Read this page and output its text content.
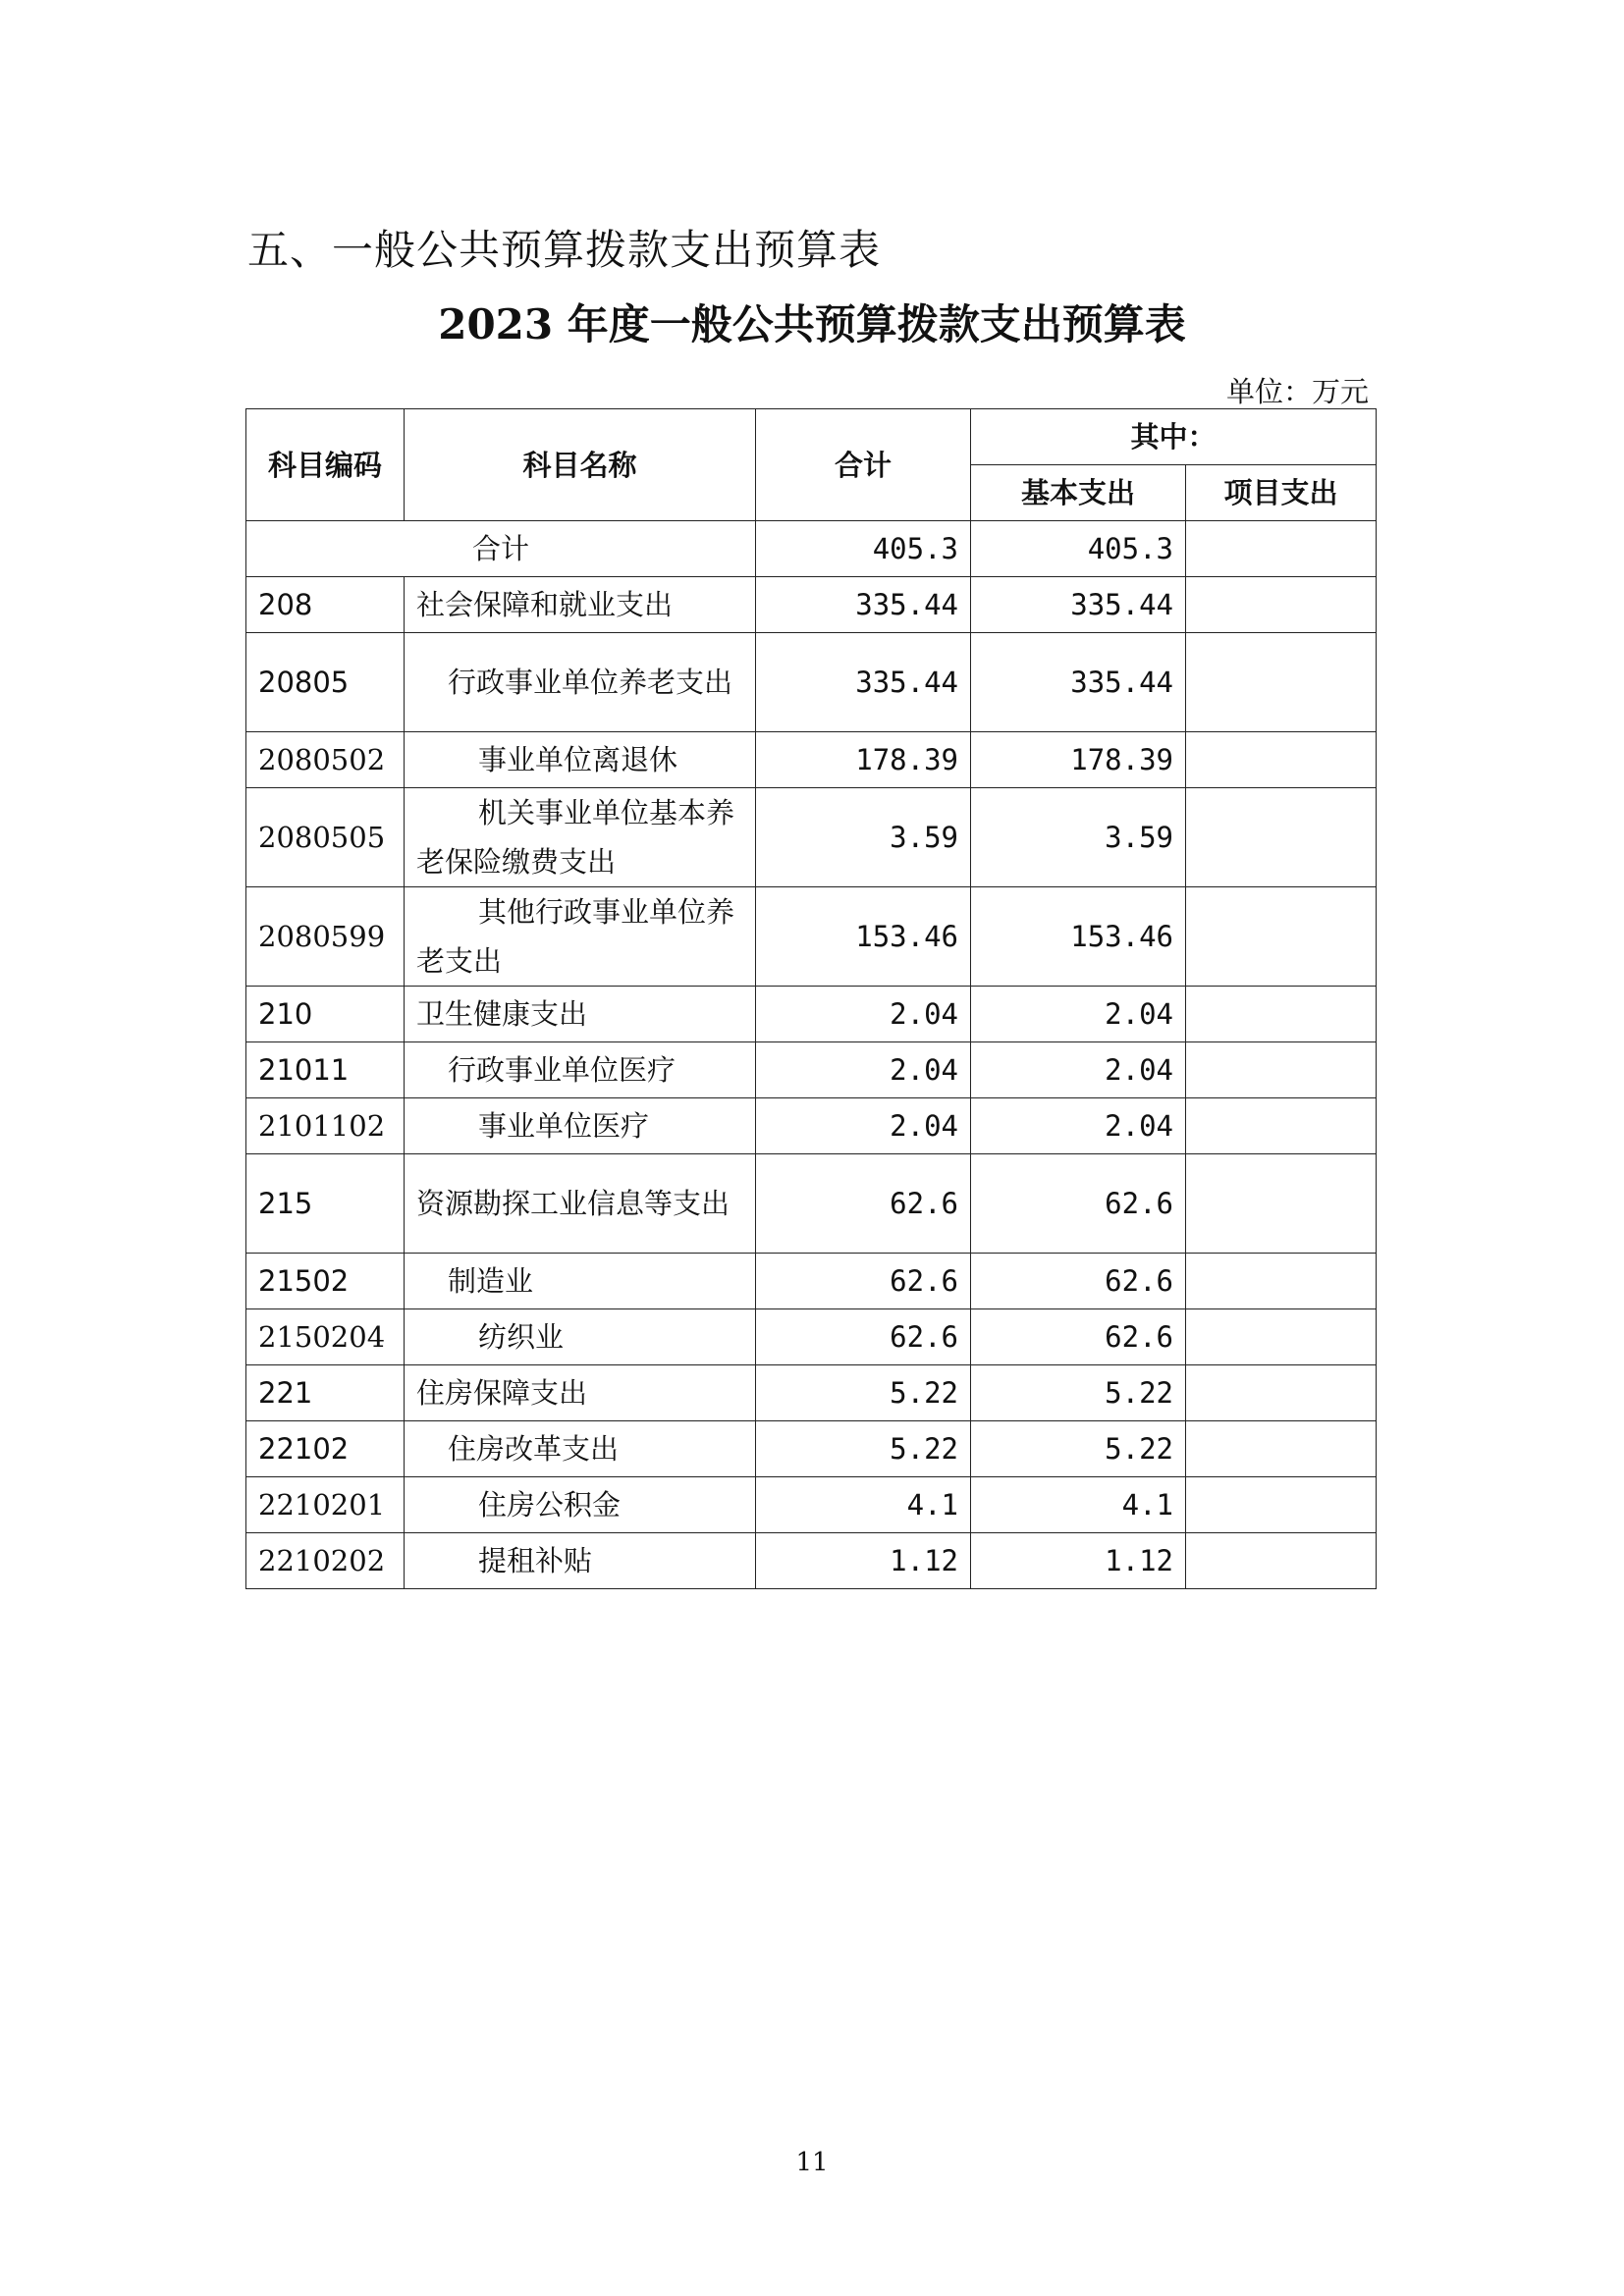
五、一般公共预算拨款支出预算表
2023 年度一般公共预算拨款支出预算表
单位：万元
科目编码	科目名称	合计	其中：	
			基本支出	项目支出
合计		405.3	405.3	
208	社会保障和就业支出	335.44	335.44	
20805	行政事业单位养老支出	335.44	335.44	
2080502	事业单位离退休	178.39	178.39	
2080505	机关事业单位基本养老保险缴费支出	3.59	3.59	
2080599	其他行政事业单位养老支出	153.46	153.46	
210	卫生健康支出	2.04	2.04	
21011	行政事业单位医疗	2.04	2.04	
2101102	事业单位医疗	2.04	2.04	
215	资源勘探工业信息等支出	62.6	62.6	
21502	制造业	62.6	62.6	
2150204	纺织业	62.6	62.6	
221	住房保障支出	5.22	5.22	
22102	住房改革支出	5.22	5.22	
2210201	住房公积金	4.1	4.1	
2210202	提租补贴	1.12	1.12	
11
